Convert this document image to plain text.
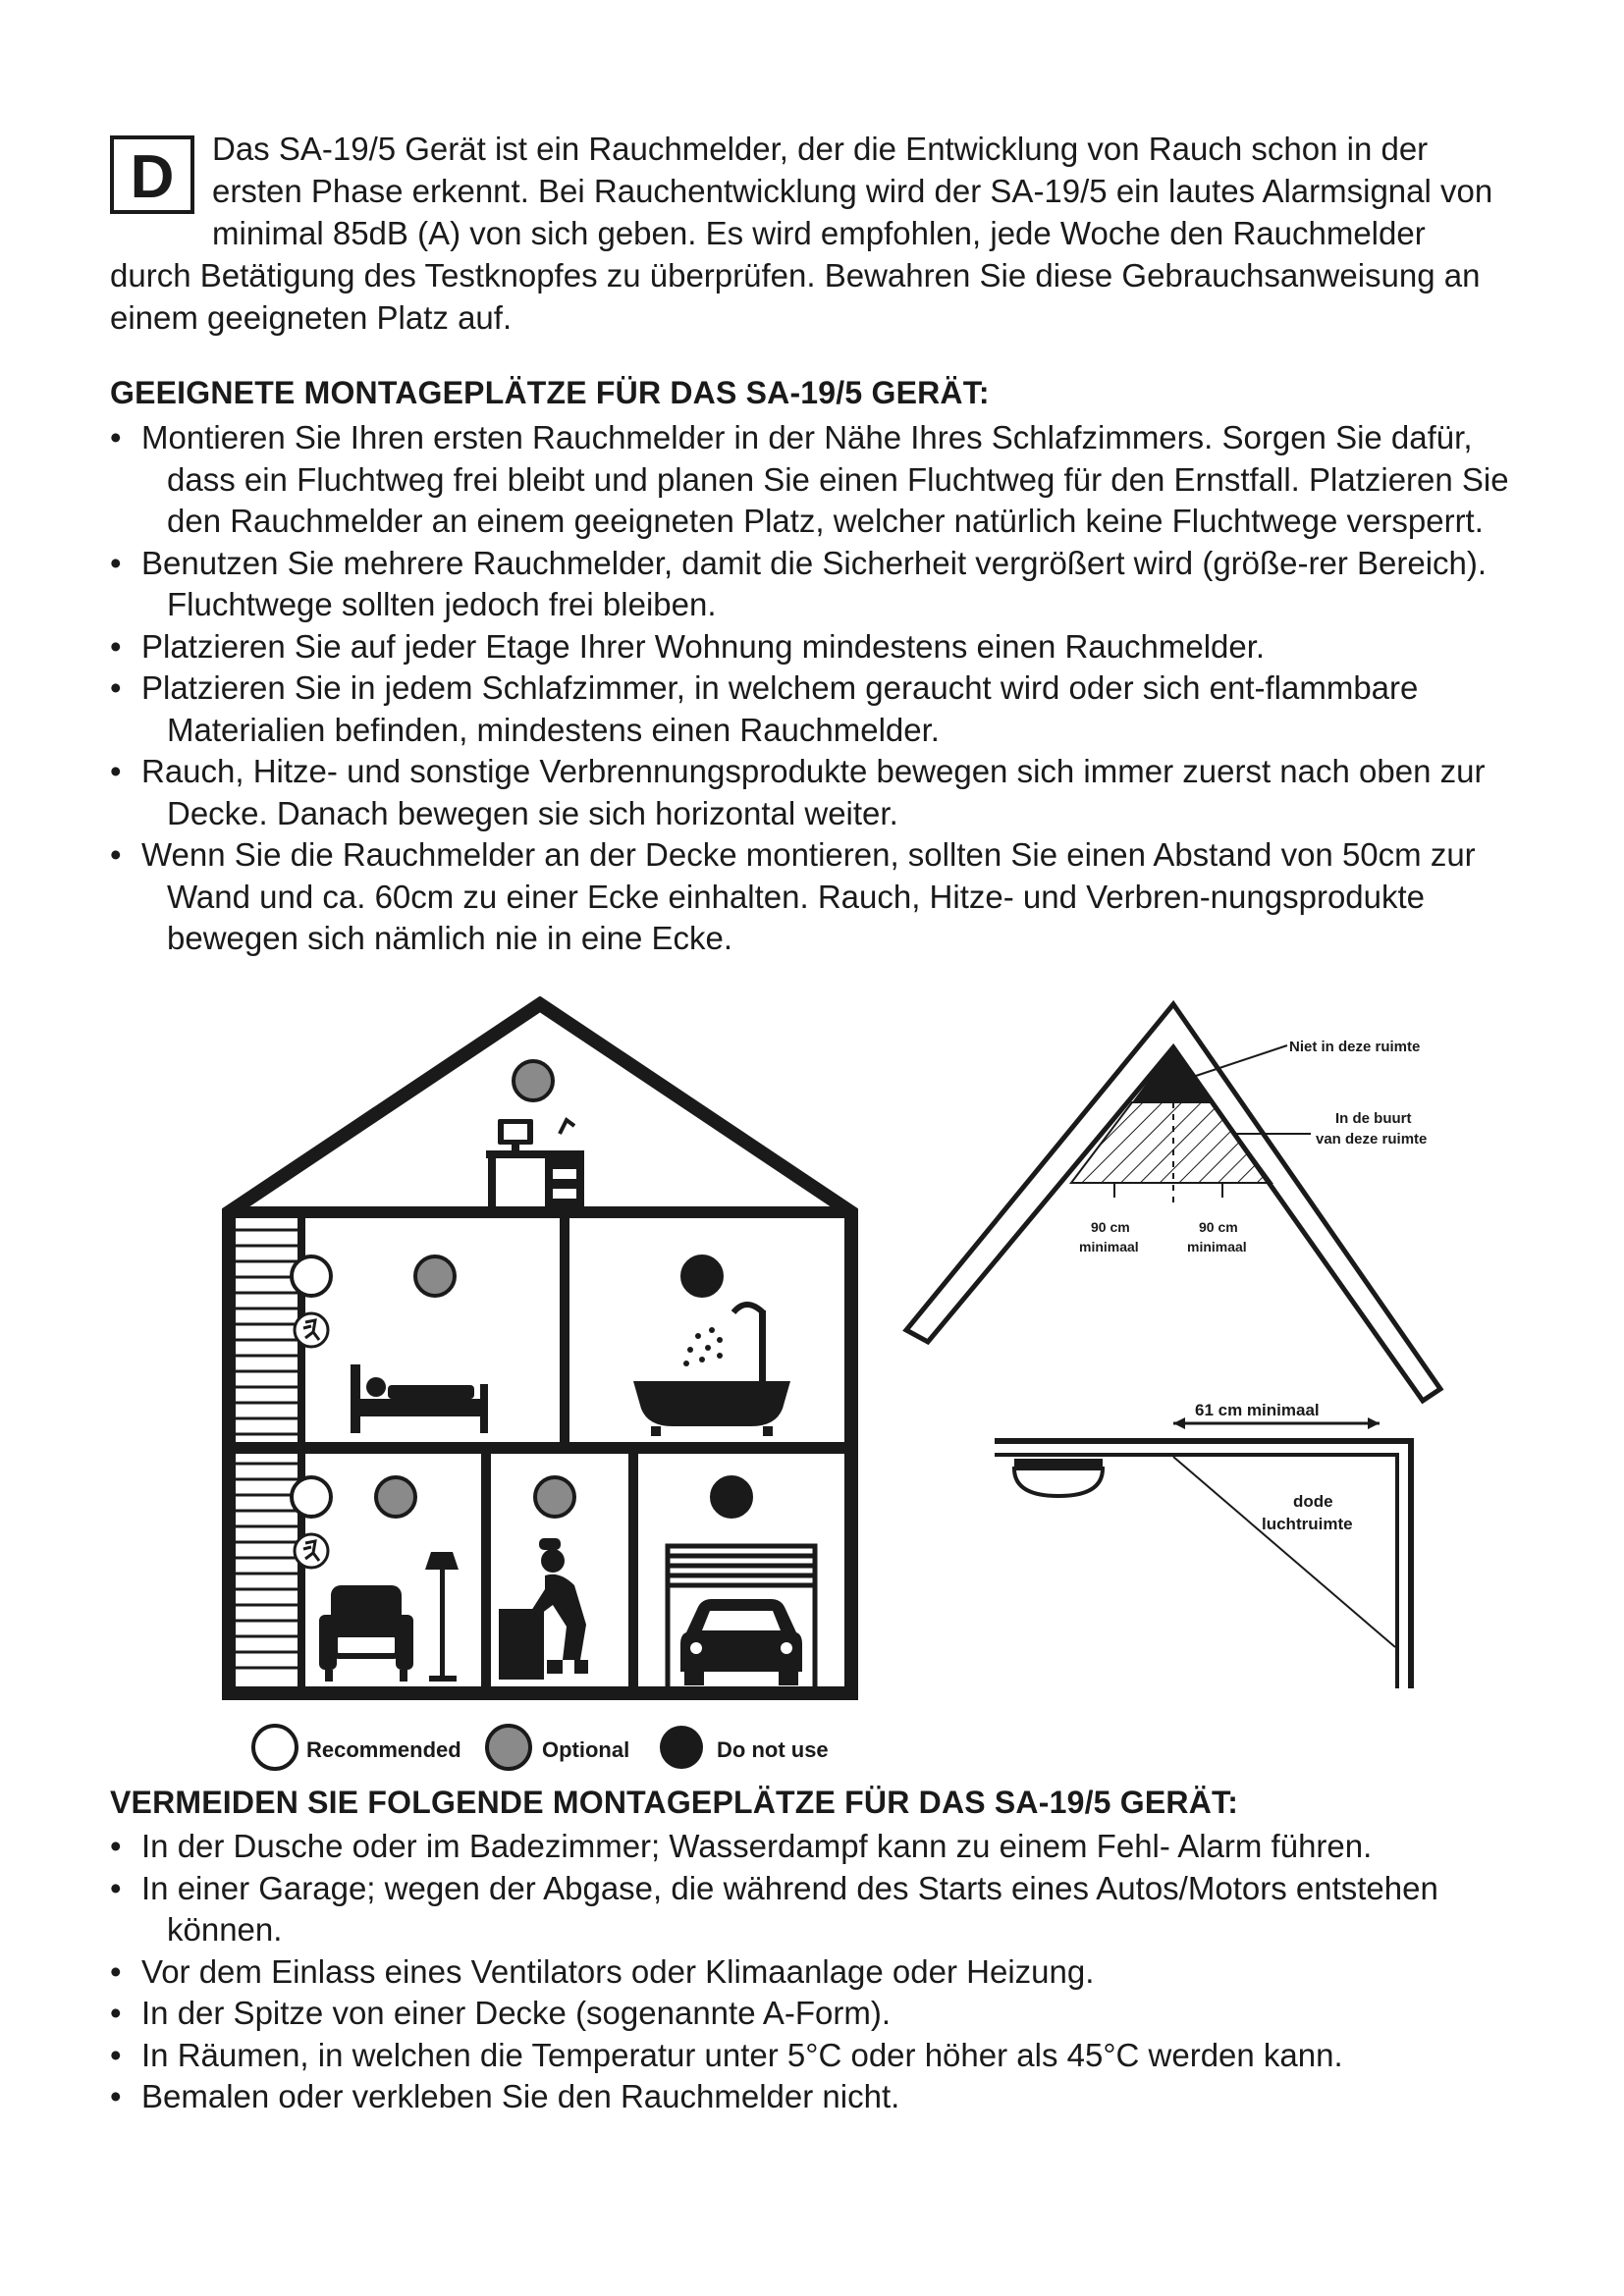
D	Das SA-19/5 Gerät ist ein Rauchmelder, der die Entwicklung von Rauch schon in der ersten Phase erkennt. Bei Rauchentwicklung wird der SA-19/5 ein lautes Alarmsignal von minimal 85dB (A) von sich geben. Es wird empfohlen, jede Woche den Rauchmelder durch Betätigung des Testknopfes zu überprüfen. Bewahren Sie diese Gebrauchsanweisung an einem geeigneten Platz auf.
GEEIGNETE MONTAGEPLÄTZE FÜR DAS SA-19/5 GERÄT:
• Montieren Sie Ihren ersten Rauchmelder in der Nähe Ihres Schlafzimmers. Sorgen Sie dafür, dass ein Fluchtweg frei bleibt und planen Sie einen Fluchtweg für den Ernstfall. Platzieren Sie den Rauchmelder an einem geeigneten Platz, welcher natürlich keine Fluchtwege versperrt.
• Benutzen Sie mehrere Rauchmelder, damit die Sicherheit vergrößert wird (größe-rer Bereich). Fluchtwege sollten jedoch frei bleiben.
• Platzieren Sie auf jeder Etage Ihrer Wohnung mindestens einen Rauchmelder.
• Platzieren Sie in jedem Schlafzimmer, in welchem geraucht wird oder sich ent-flammbare Materialien befinden, mindestens einen Rauchmelder.
• Rauch, Hitze- und sonstige Verbrennungsprodukte bewegen sich immer zuerst nach oben zur Decke. Danach bewegen sie sich horizontal weiter.
• Wenn Sie die Rauchmelder an der Decke montieren, sollten Sie einen Abstand von 50cm zur Wand und ca. 60cm zu einer Ecke einhalten. Rauch, Hitze- und Verbren-nungsprodukte bewegen sich nämlich nie in eine Ecke.
Recommended	Optional	Do not use
Niet in deze ruimte
In de buurt
van deze ruimte
90 cm
minimaal
90 cm
minimaal
61 cm minimaal
dode
luchtruimte
VERMEIDEN SIE FOLGENDE MONTAGEPLÄTZE FÜR DAS SA-19/5 GERÄT:
• In der Dusche oder im Badezimmer; Wasserdampf kann zu einem Fehl- Alarm führen.
• In einer Garage; wegen der Abgase, die während des Starts eines Autos/Motors entstehen können.
• Vor dem Einlass eines Ventilators oder Klimaanlage oder Heizung.
• In der Spitze von einer Decke (sogenannte A-Form).
• In Räumen, in welchen die Temperatur unter 5°C oder höher als 45°C werden kann.
• Bemalen oder verkleben Sie den Rauchmelder nicht.
